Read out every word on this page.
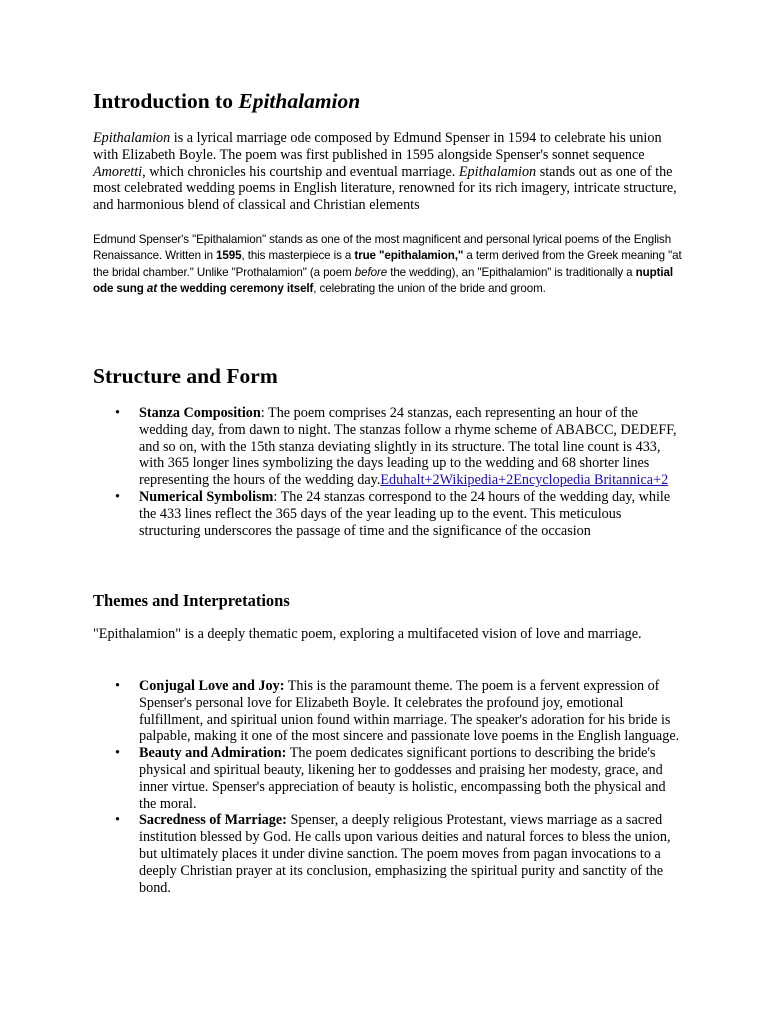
Introduction to Epithalamion

Epithalamion is a lyrical marriage ode composed by Edmund Spenser in 1594 to celebrate his union with Elizabeth Boyle. The poem was first published in 1595 alongside Spenser's sonnet sequence Amoretti, which chronicles his courtship and eventual marriage. Epithalamion stands out as one of the most celebrated wedding poems in English literature, renowned for its rich imagery, intricate structure, and harmonious blend of classical and Christian elements

Edmund Spenser's "Epithalamion" stands as one of the most magnificent and personal lyrical poems of the English Renaissance. Written in 1595, this masterpiece is a true "epithalamion," a term derived from the Greek meaning "at the bridal chamber." Unlike "Prothalamion" (a poem before the wedding), an "Epithalamion" is traditionally a nuptial ode sung at the wedding ceremony itself, celebrating the union of the bride and groom.

Structure and Form
• Stanza Composition: The poem comprises 24 stanzas, each representing an hour of the wedding day, from dawn to night. The stanzas follow a rhyme scheme of ABABCC, DEDEFF, and so on, with the 15th stanza deviating slightly in its structure. The total line count is 433, with 365 longer lines symbolizing the days leading up to the wedding and 68 shorter lines representing the hours of the wedding day.Eduhalt+2Wikipedia+2Encyclopedia Britannica+2
• Numerical Symbolism: The 24 stanzas correspond to the 24 hours of the wedding day, while the 433 lines reflect the 365 days of the year leading up to the event. This meticulous structuring underscores the passage of time and the significance of the occasion
Themes and Interpretations

"Epithalamion" is a deeply thematic poem, exploring a multifaceted vision of love and marriage.

• Conjugal Love and Joy: This is the paramount theme. The poem is a fervent expression of Spenser's personal love for Elizabeth Boyle. It celebrates the profound joy, emotional fulfillment, and spiritual union found within marriage. The speaker's adoration for his bride is palpable, making it one of the most sincere and passionate love poems in the English language.
• Beauty and Admiration: The poem dedicates significant portions to describing the bride's physical and spiritual beauty, likening her to goddesses and praising her modesty, grace, and inner virtue. Spenser's appreciation of beauty is holistic, encompassing both the physical and the moral.
• Sacredness of Marriage: Spenser, a deeply religious Protestant, views marriage as a sacred institution blessed by God. He calls upon various deities and natural forces to bless the union, but ultimately places it under divine sanction. The poem moves from pagan invocations to a deeply Christian prayer at its conclusion, emphasizing the spiritual purity and sanctity of the bond.
